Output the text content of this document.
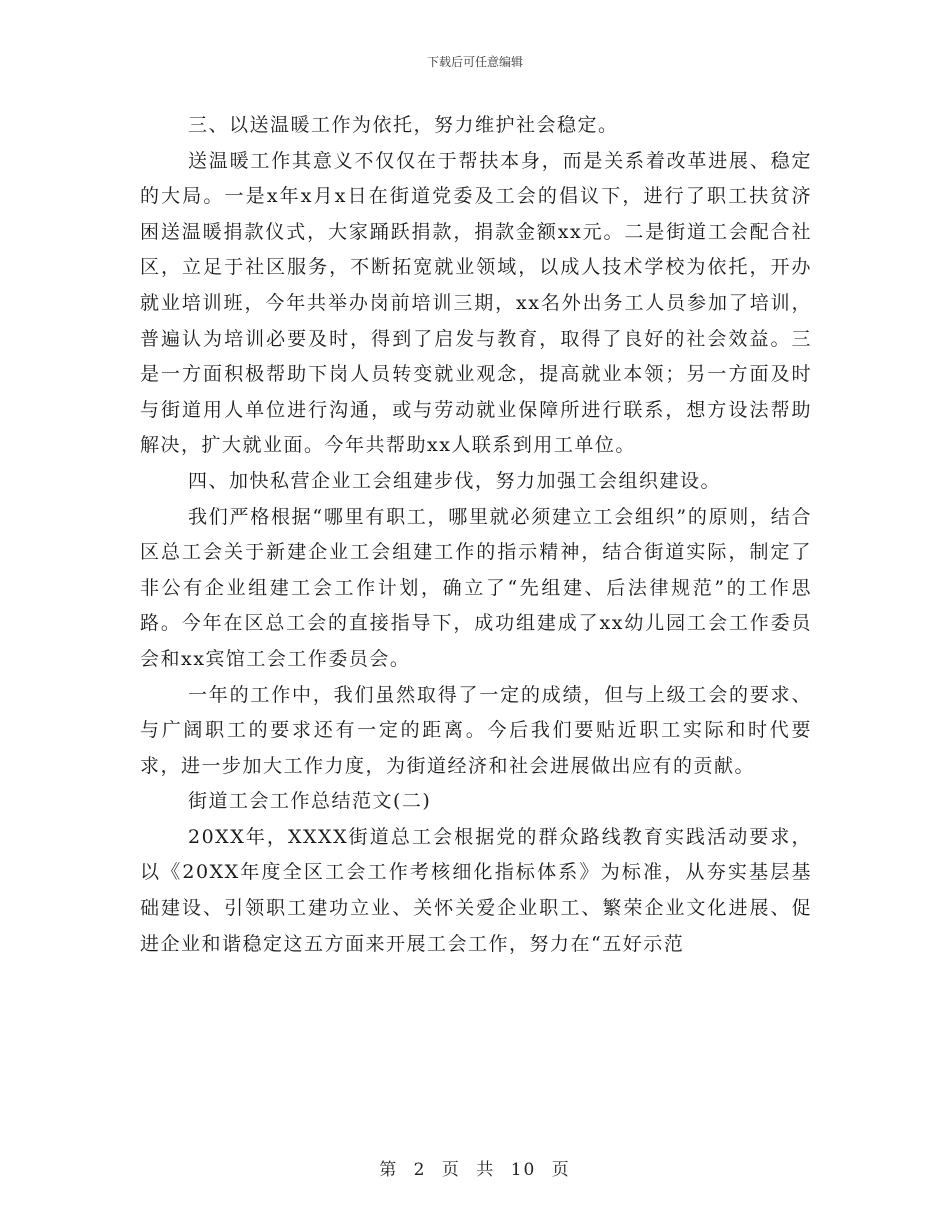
下载后可任意编辑

三、以送温暖工作为依托，努力维护社会稳定。

送温暖工作其意义不仅仅在于帮扶本身，而是关系着改革进展、稳定的大局。一是x年x月x日在街道党委及工会的倡议下，进行了职工扶贫济困送温暖捐款仪式，大家踊跃捐款，捐款金额xx元。二是街道工会配合社区，立足于社区服务，不断拓宽就业领域，以成人技术学校为依托，开办就业培训班，今年共举办岗前培训三期，xx名外出务工人员参加了培训，普遍认为培训必要及时，得到了启发与教育，取得了良好的社会效益。三是一方面积极帮助下岗人员转变就业观念，提高就业本领；另一方面及时与街道用人单位进行沟通，或与劳动就业保障所进行联系，想方设法帮助解决，扩大就业面。今年共帮助xx人联系到用工单位。

四、加快私营企业工会组建步伐，努力加强工会组织建设。

我们严格根据“哪里有职工，哪里就必须建立工会组织”的原则，结合区总工会关于新建企业工会组建工作的指示精神，结合街道实际，制定了非公有企业组建工会工作计划，确立了“先组建、后法律规范”的工作思路。今年在区总工会的直接指导下，成功组建成了xx幼儿园工会工作委员会和xx宾馆工会工作委员会。

一年的工作中，我们虽然取得了一定的成绩，但与上级工会的要求、与广阔职工的要求还有一定的距离。今后我们要贴近职工实际和时代要求，进一步加大工作力度，为街道经济和社会进展做出应有的贡献。

街道工会工作总结范文(二)

20XX年，XXXX街道总工会根据党的群众路线教育实践活动要求，以《20XX年度全区工会工作考核细化指标体系》为标准，从夯实基层基础建设、引领职工建功立业、关怀关爱企业职工、繁荣企业文化进展、促进企业和谐稳定这五方面来开展工会工作，努力在“五好示范

第 2 页 共 10 页
